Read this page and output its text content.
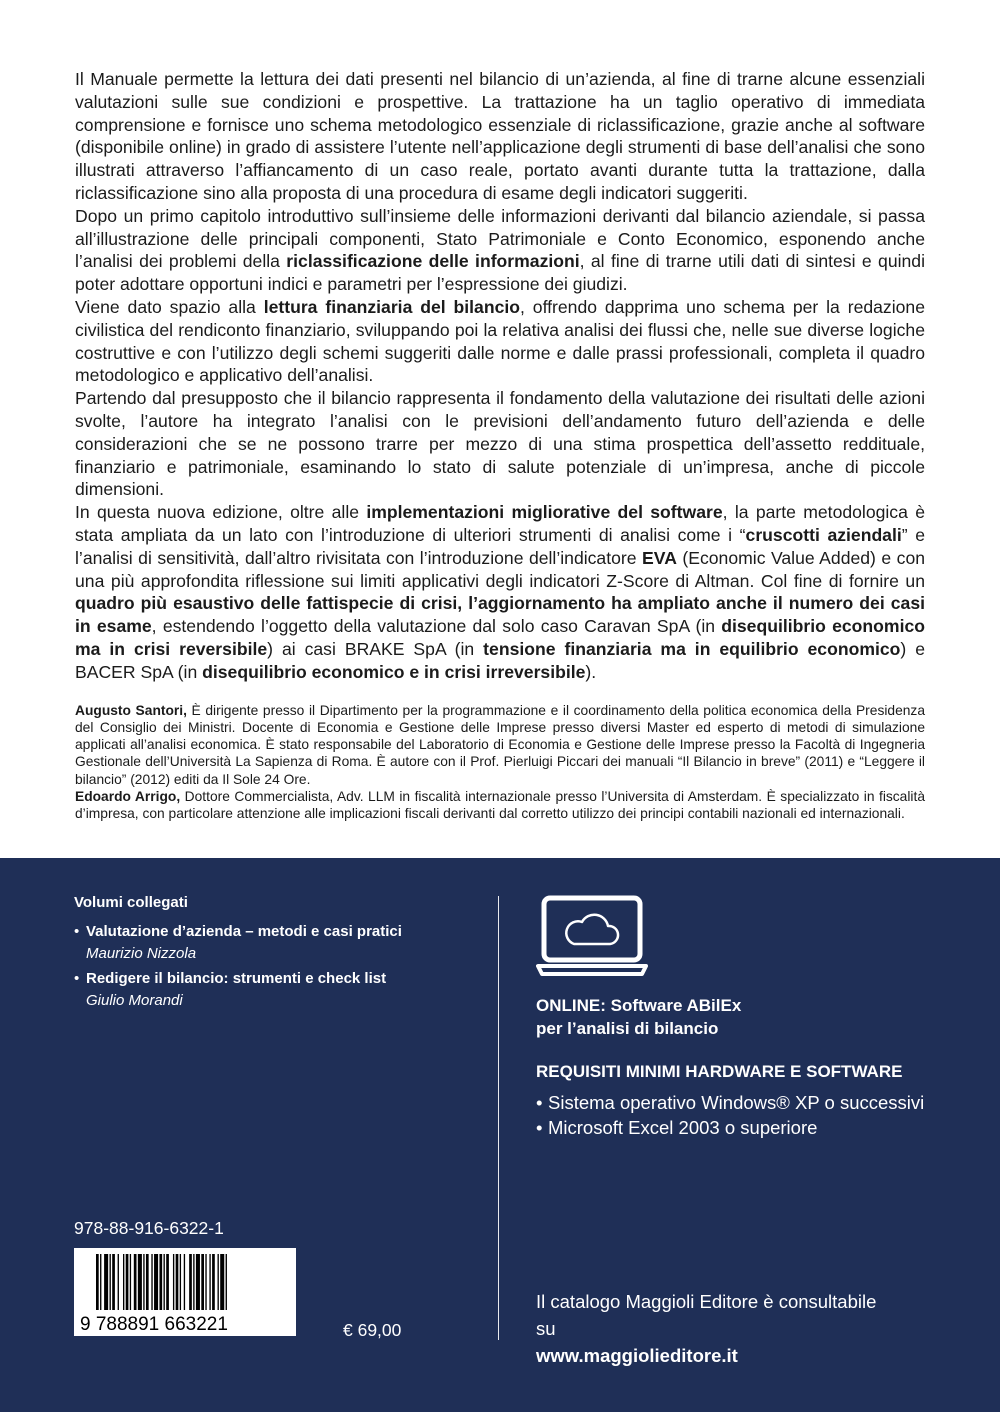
Il Manuale permette la lettura dei dati presenti nel bilancio di un’azienda, al fine di trarne alcune essenziali valutazioni sulle sue condizioni e prospettive. La trattazione ha un taglio operativo di immediata comprensione e fornisce uno schema metodologico essenziale di riclassificazione, grazie anche al software (disponibile online) in grado di assistere l’utente nell’applicazione degli strumenti di base dell’analisi che sono illustrati attraverso l’affiancamento di un caso reale, portato avanti durante tutta la trattazione, dalla riclassificazione sino alla proposta di una procedura di esame degli indicatori suggeriti.

Dopo un primo capitolo introduttivo sull’insieme delle informazioni derivanti dal bilancio aziendale, si passa all’illustrazione delle principali componenti, Stato Patrimoniale e Conto Economico, esponendo anche l’analisi dei problemi della riclassificazione delle informazioni, al fine di trarne utili dati di sintesi e quindi poter adottare opportuni indici e parametri per l’espressione dei giudizi.

Viene dato spazio alla lettura finanziaria del bilancio, offrendo dapprima uno schema per la redazione civilistica del rendiconto finanziario, sviluppando poi la relativa analisi dei flussi che, nelle sue diverse logiche costruttive e con l’utilizzo degli schemi suggeriti dalle norme e dalle prassi professionali, completa il quadro metodologico e applicativo dell’analisi.

Partendo dal presupposto che il bilancio rappresenta il fondamento della valutazione dei risultati delle azioni svolte, l’autore ha integrato l’analisi con le previsioni dell’andamento futuro dell’azienda e delle considerazioni che se ne possono trarre per mezzo di una stima prospettica dell’assetto reddituale, finanziario e patrimoniale, esaminando lo stato di salute potenziale di un’impresa, anche di piccole dimensioni.

In questa nuova edizione, oltre alle implementazioni migliorative del software, la parte metodologica è stata ampliata da un lato con l’introduzione di ulteriori strumenti di analisi come i “cruscotti aziendali” e l’analisi di sensitività, dall’altro rivisitata con l’introduzione dell’indicatore EVA (Economic Value Added) e con una più approfondita riflessione sui limiti applicativi degli indicatori Z-Score di Altman. Col fine di fornire un quadro più esaustivo delle fattispecie di crisi, l’aggiornamento ha ampliato anche il numero dei casi in esame, estendendo l’oggetto della valutazione dal solo caso Caravan SpA (in disequilibrio economico ma in crisi reversibile) ai casi BRAKE SpA (in tensione finanziaria ma in equilibrio economico) e BACER SpA (in disequilibrio economico e in crisi irreversibile).

Augusto Santori, È dirigente presso il Dipartimento per la programmazione e il coordinamento della politica economica della Presidenza del Consiglio dei Ministri. Docente di Economia e Gestione delle Imprese presso diversi Master ed esperto di metodi di simulazione applicati all’analisi economica. È stato responsabile del Laboratorio di Economia e Gestione delle Imprese presso la Facoltà di Ingegneria Gestionale dell’Università La Sapienza di Roma. È autore con il Prof. Pierluigi Piccari dei manuali “Il Bilancio in breve” (2011) e “Leggere il bilancio” (2012) editi da Il Sole 24 Ore.

Edoardo Arrigo, Dottore Commercialista, Adv. LLM in fiscalità internazionale presso l’Universita di Amsterdam. È specializzato in fiscalità d’impresa, con particolare attenzione alle implicazioni fiscali derivanti dal corretto utilizzo dei principi contabili nazionali ed internazionali.

Volumi collegati
• Valutazione d’azienda – metodi e casi pratici
Maurizio Nizzola
• Redigere il bilancio: strumenti e check list
Giulio Morandi	ONLINE: Software ABilEx
per l’analisi di bilancio
REQUISITI MINIMI HARDWARE E SOFTWARE
• Sistema operativo Windows® XP o successivi
• Microsoft Excel 2003 o superiore
978-88-916-6322-1
9 788891 663221	€ 69,00
Il catalogo Maggioli Editore è consultabile
su
www.maggiolieditore.it
